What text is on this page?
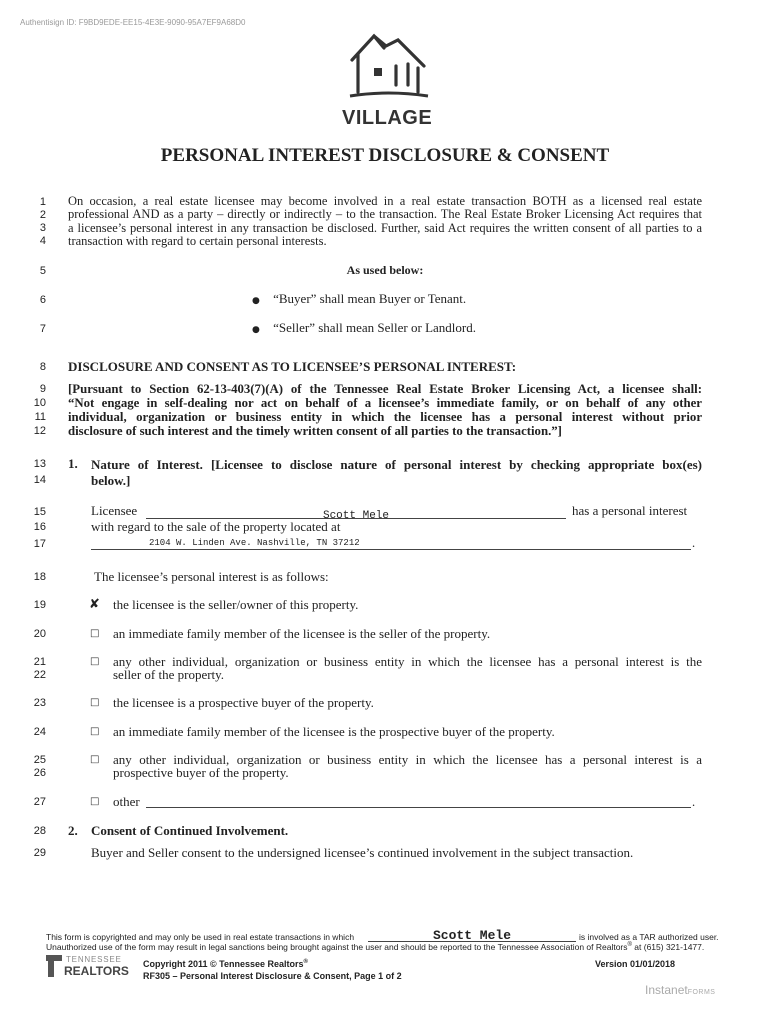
Authentisign ID: F9BD9EDE-EE15-4E3E-9090-95A7EF9A68D0
VILLAGE
PERSONAL INTEREST DISCLOSURE & CONSENT
1
2
3
4
5
6
7
8
9
10
11
12
13
14
15
16
17
18
19
20
21
22
23
24
25
26
27
28
29
On occasion, a real estate licensee may become involved in a real estate transaction BOTH as a licensed real estate
professional AND as a party – directly or indirectly – to the transaction. The Real Estate Broker Licensing Act requires that
a licensee’s personal interest in any transaction be disclosed. Further, said Act requires the written consent of all parties to a
transaction with regard to certain personal interests.
As used below:
● “Buyer” shall mean Buyer or Tenant.
● “Seller” shall mean Seller or Landlord.
DISCLOSURE AND CONSENT AS TO LICENSEE’S PERSONAL INTEREST:
[Pursuant to Section 62-13-403(7)(A) of the Tennessee Real Estate Broker Licensing Act, a licensee shall:
“Not engage in self-dealing nor act on behalf of a licensee’s immediate family, or on behalf of any other
individual, organization or business entity in which the licensee has a personal interest without prior
disclosure of such interest and the timely written consent of all parties to the transaction.”]
1. Nature of Interest. [Licensee to disclose nature of personal interest by checking appropriate box(es)
below.]
Licensee	Scott Mele	has a personal interest
with regard to the sale of the property located at
2104 W. Linden Ave. Nashville, TN 37212	.
The licensee’s personal interest is as follows:
✘ the licensee is the seller/owner of this property.
□ an immediate family member of the licensee is the seller of the property.
□ any other individual, organization or business entity in which the licensee has a personal interest is the
seller of the property.
□ the licensee is a prospective buyer of the property.
□ an immediate family member of the licensee is the prospective buyer of the property.
□ any other individual, organization or business entity in which the licensee has a personal interest is a
prospective buyer of the property.
□ other	.
2. Consent of Continued Involvement.
Buyer and Seller consent to the undersigned licensee’s continued involvement in the subject transaction.
This form is copyrighted and may only be used in real estate transactions in which	Scott Mele	is involved as a TAR authorized user.
Unauthorized use of the form may result in legal sanctions being brought against the user and should be reported to the Tennessee Association of Realtors® at (615) 321-1477.
TENNESSEE
REALTORS Copyright 2011 © Tennessee Realtors®	Version 01/01/2018
RF305 – Personal Interest Disclosure & Consent, Page 1 of 2
InstanetFORMS
